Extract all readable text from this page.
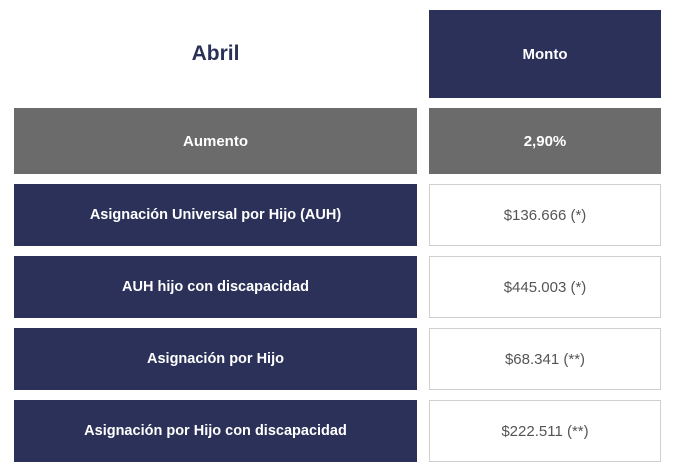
Abril	Monto
Aumento	2,90%
Asignación Universal por Hijo (AUH)	$136.666 (*)
AUH hijo con discapacidad	$445.003 (*)
Asignación por Hijo	$68.341 (**)
Asignación por Hijo con discapacidad	$222.511 (**)
